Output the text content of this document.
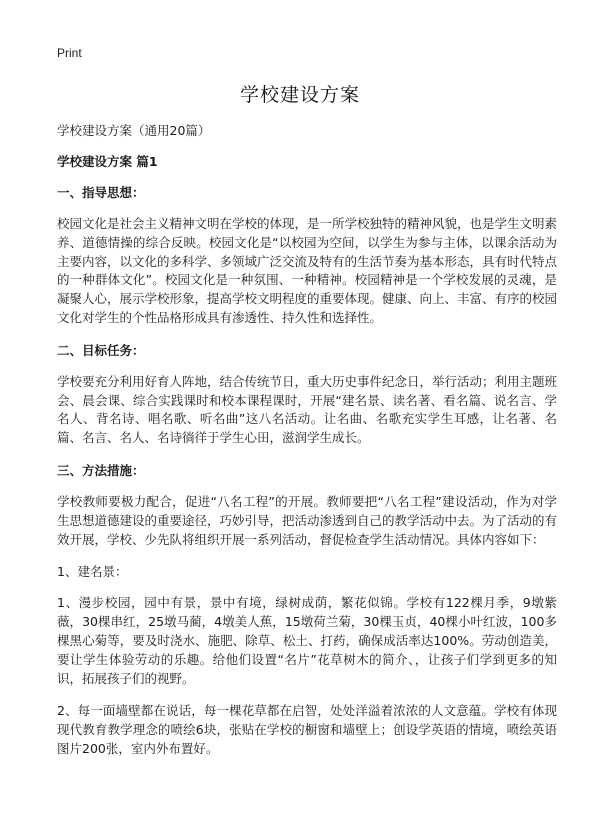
Print
学校建设方案
学校建设方案（通用20篇）
学校建设方案 篇1
一、指导思想：
校园文化是社会主义精神文明在学校的体现，是一所学校独特的精神风貌，也是学生文明素养、道德情操的综合反映。校园文化是“以校园为空间，以学生为参与主体，以课余活动为主要内容，以文化的多科学、多领域广泛交流及特有的生活节奏为基本形态，具有时代特点的一种群体文化”。校园文化是一种氛围、一种精神。校园精神是一个学校发展的灵魂，是凝聚人心，展示学校形象，提高学校文明程度的重要体现。健康、向上、丰富、有序的校园文化对学生的个性品格形成具有渗透性、持久性和选择性。
二、目标任务：
学校要充分利用好育人阵地，结合传统节日，重大历史事件纪念日，举行活动；利用主题班会、晨会课、综合实践课时和校本课程课时，开展“建名景、读名著、看名篇、说名言、学名人、背名诗、唱名歌、听名曲”这八名活动。让名曲、名歌充实学生耳感，让名著、名篇、名言、名人、名诗徜徉于学生心田，滋润学生成长。
三、方法措施：
学校教师要极力配合，促进“八名工程”的开展。教师要把“八名工程”建设活动，作为对学生思想道德建设的重要途径，巧妙引导，把活动渗透到自己的教学活动中去。为了活动的有效开展，学校、少先队将组织开展一系列活动，督促检查学生活动情况。具体内容如下：
1、建名景：
1、漫步校园，园中有景，景中有境，绿树成荫，繁花似锦。学校有122棵月季，9墩紫薇，30棵串红，25墩马蔺，4墩美人蕉，15墩荷兰菊，30棵玉贞，40棵小叶红波，100多棵黑心菊等，要及时浇水、施肥、除草、松土、打药，确保成活率达100%。劳动创造美，要让学生体验劳动的乐趣。给他们设置“名片”花草树木的简介、，让孩子们学到更多的知识，拓展孩子们的视野。
2、每一面墙壁都在说话，每一棵花草都在启智，处处洋溢着浓浓的人文意蕴。学校有体现现代教育教学理念的喷绘6块，张贴在学校的橱窗和墙壁上；创设学英语的情境，喷绘英语图片200张，室内外布置好。
